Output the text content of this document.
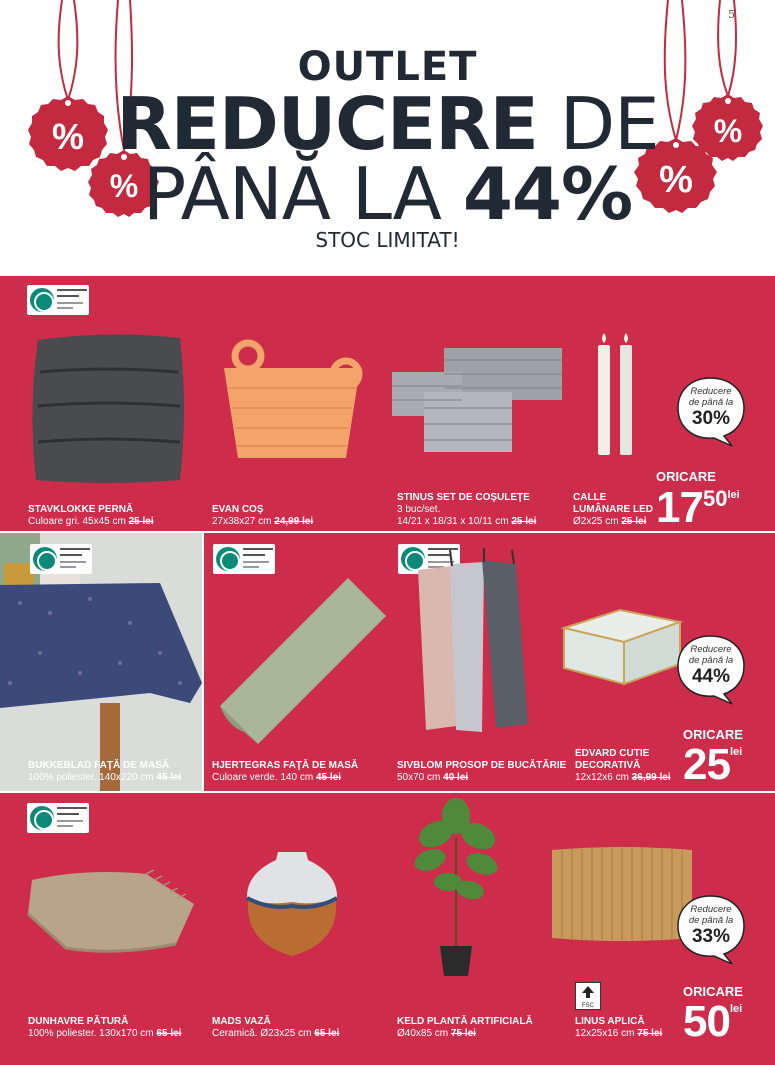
5
%
%	%
%
OUTLET
REDUCERE DE
PÂNĂ LA 44%
STOC LIMITAT!
Reducere
de până la
30%
ORICARE
$1750^{lei}$
STAVKLOKKE PERNĂ
Culoare gri. 45x45 cm 25 lei
EVAN COŞ
27x38x27 cm 24,99 lei
STINUS SET DE COŞULEŢE
3 buc/set.
14/21 x 18/31 x 10/11 cm 25 lei
CALLE
LUMÂNARE LED
Ø2x25 cm 25 lei
Reducere
de până la
44%
ORICARE
$25^{lei}$
BUKKEBLAD FAŢĂ DE MASĂ
100% poliester. 140x220 cm 45 lei
HJERTEGRAS FAŢĂ DE MASĂ
Culoare verde. 140 cm 45 lei
SIVBLOM PROSOP DE BUCĂTĂRIE
50x70 cm 40 lei
EDVARD CUTIE
DECORATIVĂ
12x12x6 cm 36,99 lei
Reducere
de până la
33%
FSC
ORICARE
$50^{lei}$
DUNHAVRE PĂTURĂ
100% poliester. 130x170 cm 65 lei
MADS VAZĂ
Ceramică. Ø23x25 cm 65 lei
KELD PLANTĂ ARTIFICIALĂ
Ø40x85 cm 75 lei
LINUS APLICĂ
12x25x16 cm 75 lei
